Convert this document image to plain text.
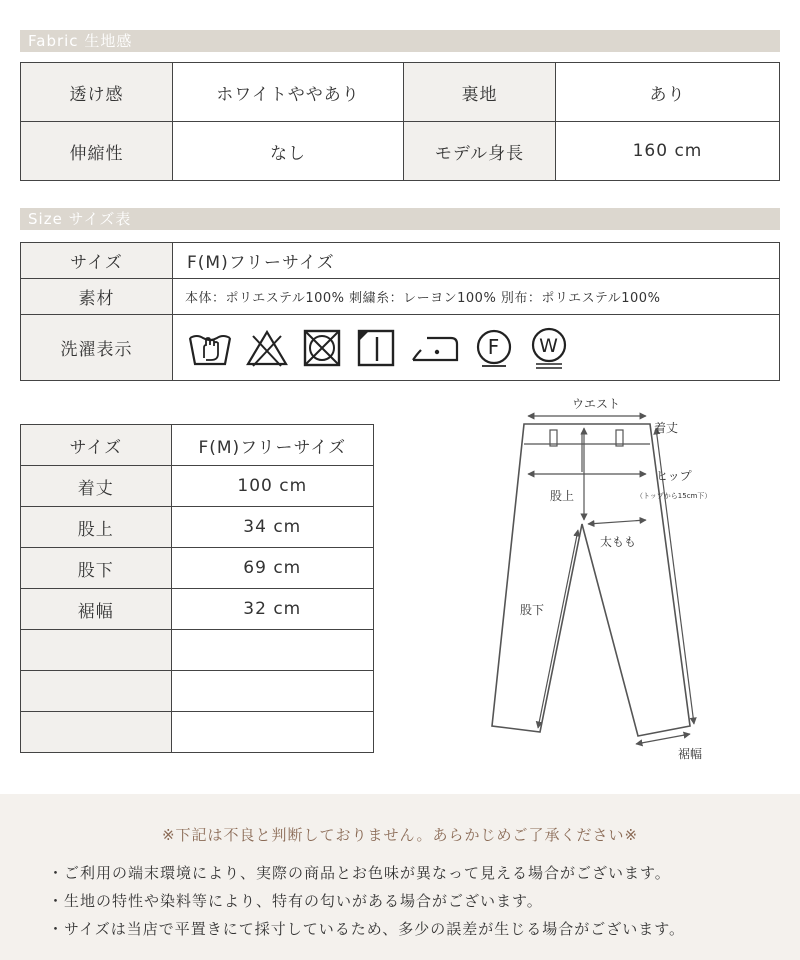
Fabric 生地感
透け感	ホワイトややあり	裏地	あり
伸縮性	なし	モデル身長	160 cm
Size サイズ表
サイズ	F(M)フリーサイズ
素材	本体：ポリエステル100% 刺繍糸：レーヨン100% 別布：ポリエステル100%
洗濯表示	F W
サイズ	F(M)フリーサイズ
着丈	100 cm
股上	34 cm
股下	69 cm
裾幅	32 cm

ウエスト
着丈
ヒップ
（トップから15cm下）
股上
太もも
股下
裾幅
※下記は不良と判断しておりません。あらかじめご了承ください※
・ご利用の端末環境により、実際の商品とお色味が異なって見える場合がございます。
・生地の特性や染料等により、特有の匂いがある場合がございます。
・サイズは当店で平置きにて採寸しているため、多少の誤差が生じる場合がございます。
